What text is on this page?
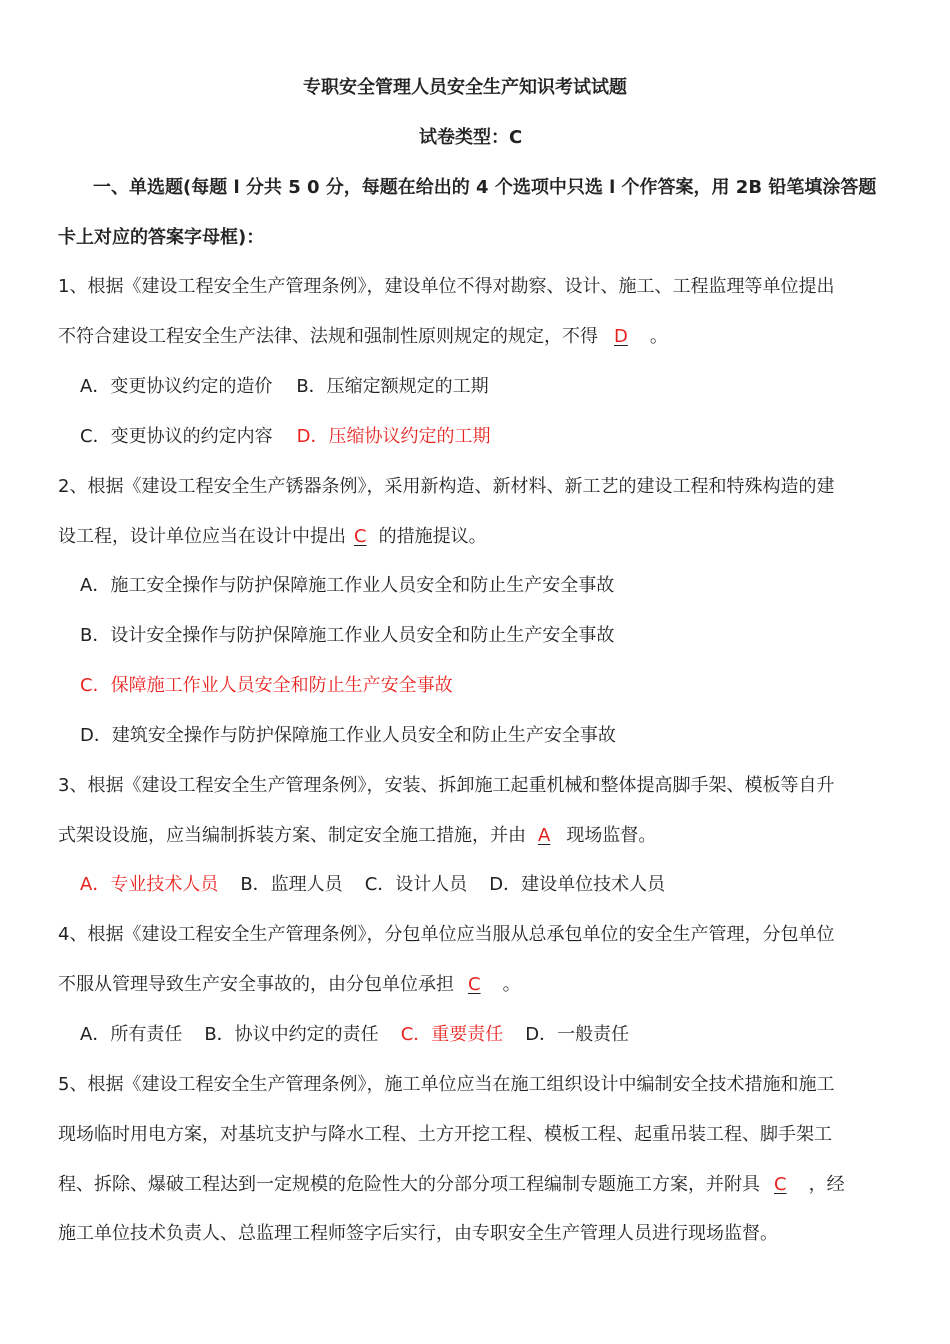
专职安全管理人员安全生产知识考试试题
试卷类型：C
一、单选题(每题 l 分共 5 0 分，每题在给出的 4 个选项中只选 l 个作答案，用 2B 铅笔填涂答题
卡上对应的答案字母框)：
1、根据《建设工程安全生产管理条例》，建设单位不得对勘察、设计、施工、工程监理等单位提出
不符合建设工程安全生产法律、法规和强制性原则规定的规定，不得 D 。
A．变更协议约定的造价 B．压缩定额规定的工期
C．变更协议的约定内容 D．压缩协议约定的工期
2、根据《建设工程安全生产锈器条例》，采用新构造、新材料、新工艺的建设工程和特殊构造的建
设工程，设计单位应当在设计中提出 C 的措施提议。
A．施工安全操作与防护保障施工作业人员安全和防止生产安全事故
B．设计安全操作与防护保障施工作业人员安全和防止生产安全事故
C．保障施工作业人员安全和防止生产安全事故
D．建筑安全操作与防护保障施工作业人员安全和防止生产安全事故
3、根据《建设工程安全生产管理条例》，安装、拆卸施工起重机械和整体提高脚手架、模板等自升
式架设设施，应当编制拆装方案、制定安全施工措施，并由 A 现场监督。
A．专业技术人员 B．监理人员 C．设计人员 D．建设单位技术人员
4、根据《建设工程安全生产管理条例》，分包单位应当服从总承包单位的安全生产管理，分包单位
不服从管理导致生产安全事故的，由分包单位承担 C 。
A．所有责任 B．协议中约定的责任 C．重要责任 D．一般责任
5、根据《建设工程安全生产管理条例》，施工单位应当在施工组织设计中编制安全技术措施和施工
现场临时用电方案，对基坑支护与降水工程、土方开挖工程、模板工程、起重吊装工程、脚手架工
程、拆除、爆破工程达到一定规模的危险性大的分部分项工程编制专题施工方案，并附具 C ，经
施工单位技术负责人、总监理工程师签字后实行，由专职安全生产管理人员进行现场监督。
